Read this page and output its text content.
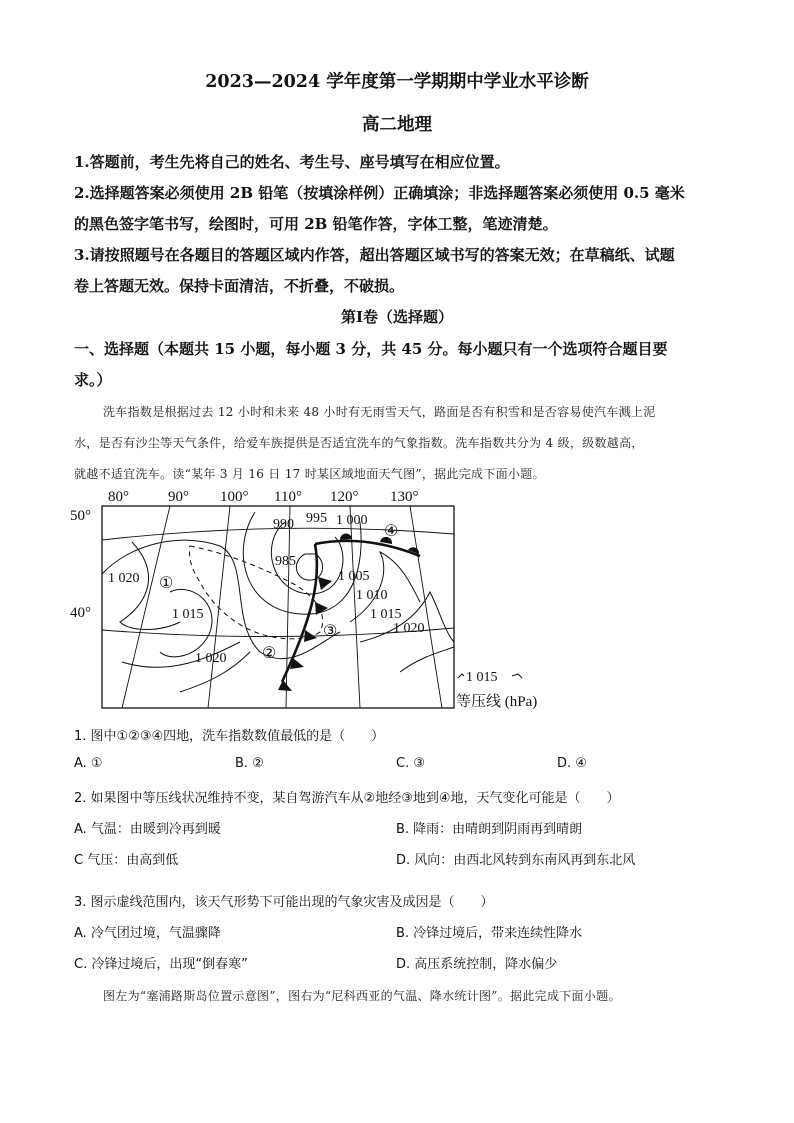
2023—2024 学年度第一学期期中学业水平诊断
高二地理
1.答题前，考生先将自己的姓名、考生号、座号填写在相应位置。
2.选择题答案必须使用 2B 铅笔（按填涂样例）正确填涂；非选择题答案必须使用 0.5 毫米
的黑色签字笔书写，绘图时，可用 2B 铅笔作答，字体工整，笔迹清楚。
3.请按照题号在各题目的答题区域内作答，超出答题区域书写的答案无效；在草稿纸、试题
卷上答题无效。保持卡面清洁，不折叠，不破损。
第Ⅰ卷（选择题）
一、选择题（本题共 15 小题，每小题 3 分，共 45 分。每小题只有一个选项符合题目要
求。）
洗车指数是根据过去 12 小时和未来 48 小时有无雨雪天气，路面是否有积雪和是否容易使汽车溅上泥
水，是否有沙尘等天气条件，给爱车族提供是否适宜洗车的气象指数。洗车指数共分为 4 级，级数越高，
就越不适宜洗车。读“某年 3 月 16 日 17 时某区域地面天气图”，据此完成下面小题。
80°	90° 100° 110° 120° 130°
50°
40°
990 995 1 000
985
1 020
1 015
1 005
1 010
1 015
1 020
1 020
①
②
③
④
1 015
等压线 (hPa)
1. 图中①②③④四地，洗车指数数值最低的是（　　）
A. ①	B. ②	C. ③	D. ④
2. 如果图中等压线状况维持不变，某自驾游汽车从②地经③地到④地，天气变化可能是（　　）
A. 气温：由暖到冷再到暖	B. 降雨：由晴朗到阴雨再到晴朗
C 气压：由高到低	D. 风向：由西北风转到东南风再到东北风
3. 图示虚线范围内，该天气形势下可能出现的气象灾害及成因是（　　）
A. 冷气团过境，气温骤降	B. 冷锋过境后，带来连续性降水
C. 冷锋过境后，出现“倒春寒”	D. 高压系统控制，降水偏少
图左为“塞浦路斯岛位置示意图”，图右为“尼科西亚的气温、降水统计图”。据此完成下面小题。
